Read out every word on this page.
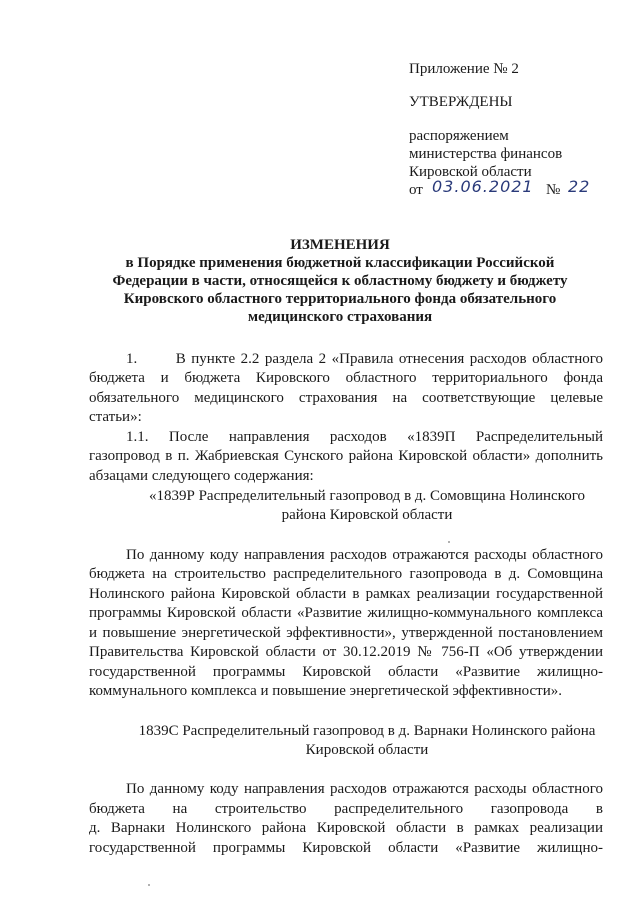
Приложение № 2
УТВЕРЖДЕНЫ
распоряжением
министерства финансов
Кировской области
от 03.06.2021 № 22
ИЗМЕНЕНИЯ
в Порядке применения бюджетной классификации Российской
Федерации в части, относящейся к областному бюджету и бюджету
Кировского областного территориального фонда обязательного
медицинского страхования
1.       В пункте 2.2 раздела 2 «Правила отнесения расходов областного
бюджета и бюджета Кировского областного территориального фонда
обязательного медицинского страхования на соответствующие целевые
статьи»:
1.1. После направления расходов «1839П Распределительный
газопровод в п. Жабриевская Сунского района Кировской области» дополнить
абзацами следующего содержания:
«1839Р Распределительный газопровод в д. Сомовщина Нолинского
района Кировской области
По данному коду направления расходов отражаются расходы областного
бюджета на строительство распределительного газопровода в д. Сомовщина
Нолинского района Кировской области в рамках реализации государственной
программы Кировской области «Развитие жилищно-коммунального комплекса
и повышение энергетической эффективности», утвержденной постановлением
Правительства Кировской области от 30.12.2019 № 756-П «Об утверждении
государственной программы Кировской области «Развитие жилищно-
коммунального комплекса и повышение энергетической эффективности».
1839С Распределительный газопровод в д. Варнаки Нолинского района
Кировской области
По данному коду направления расходов отражаются расходы областного
бюджета на строительство распределительного газопровода в
д. Варнаки Нолинского района Кировской области в рамках реализации
государственной программы Кировской области «Развитие жилищно-
